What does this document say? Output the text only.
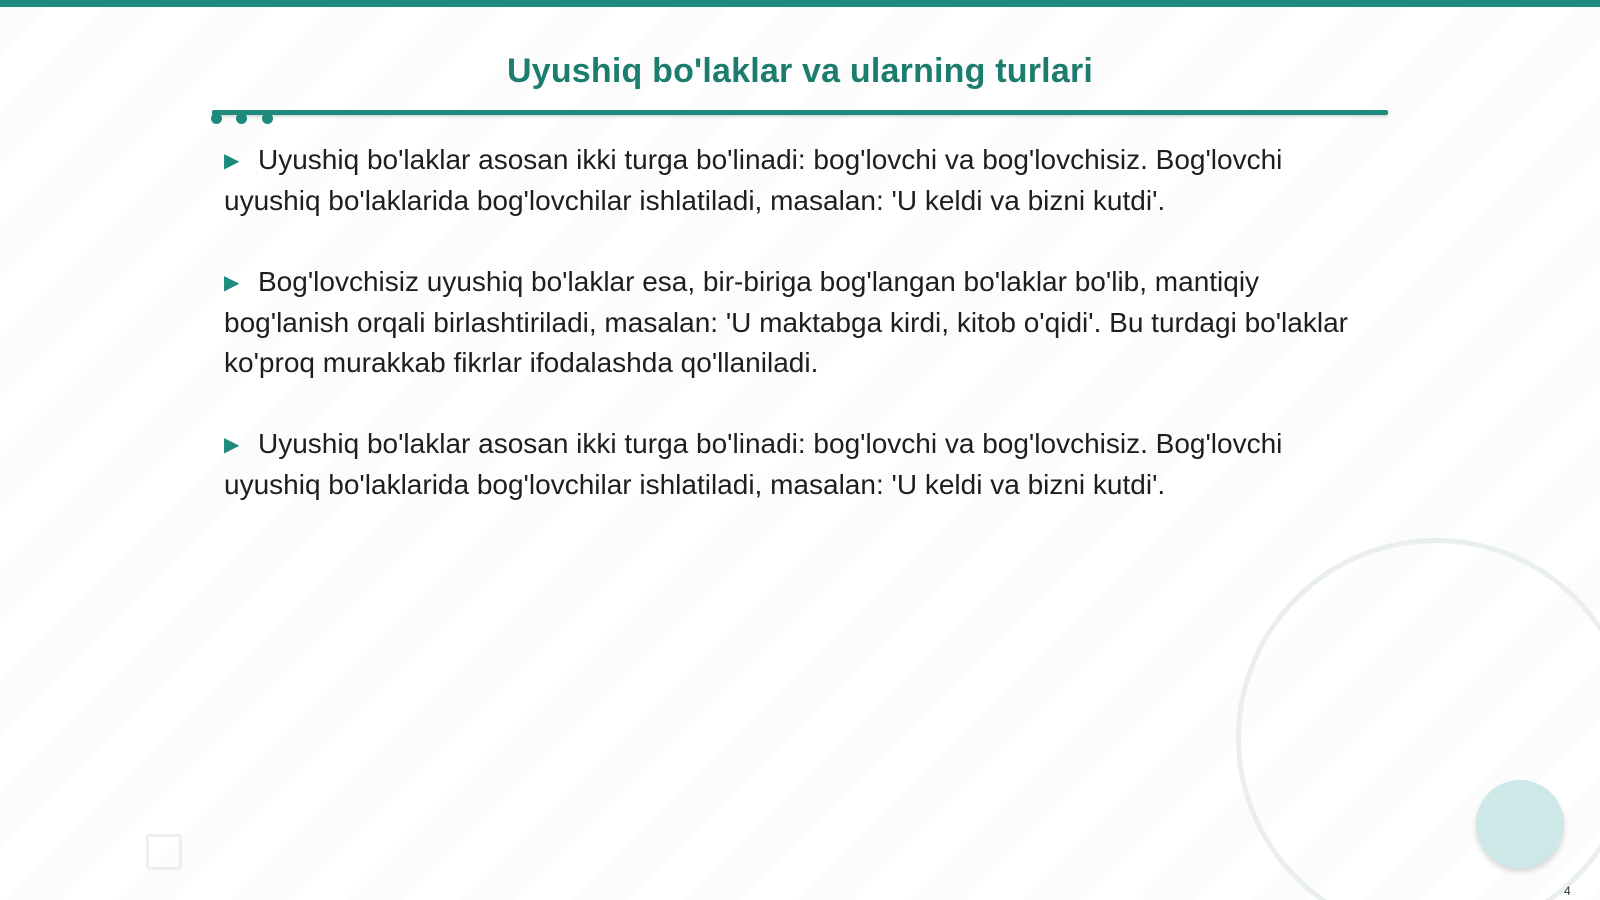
Uyushiq bo'laklar va ularning turlari

▶ Uyushiq bo'laklar asosan ikki turga bo'linadi: bog'lovchi va bog'lovchisiz. Bog'lovchi uyushiq bo'laklarida bog'lovchilar ishlatiladi, masalan: 'U keldi va bizni kutdi'.

▶ Bog'lovchisiz uyushiq bo'laklar esa, bir-biriga bog'langan bo'laklar bo'lib, mantiqiy bog'lanish orqali birlashtiriladi, masalan: 'U maktabga kirdi, kitob o'qidi'. Bu turdagi bo'laklar ko'proq murakkab fikrlar ifodalashda qo'llaniladi.

▶ Uyushiq bo'laklar asosan ikki turga bo'linadi: bog'lovchi va bog'lovchisiz. Bog'lovchi uyushiq bo'laklarida bog'lovchilar ishlatiladi, masalan: 'U keldi va bizni kutdi'.

4
